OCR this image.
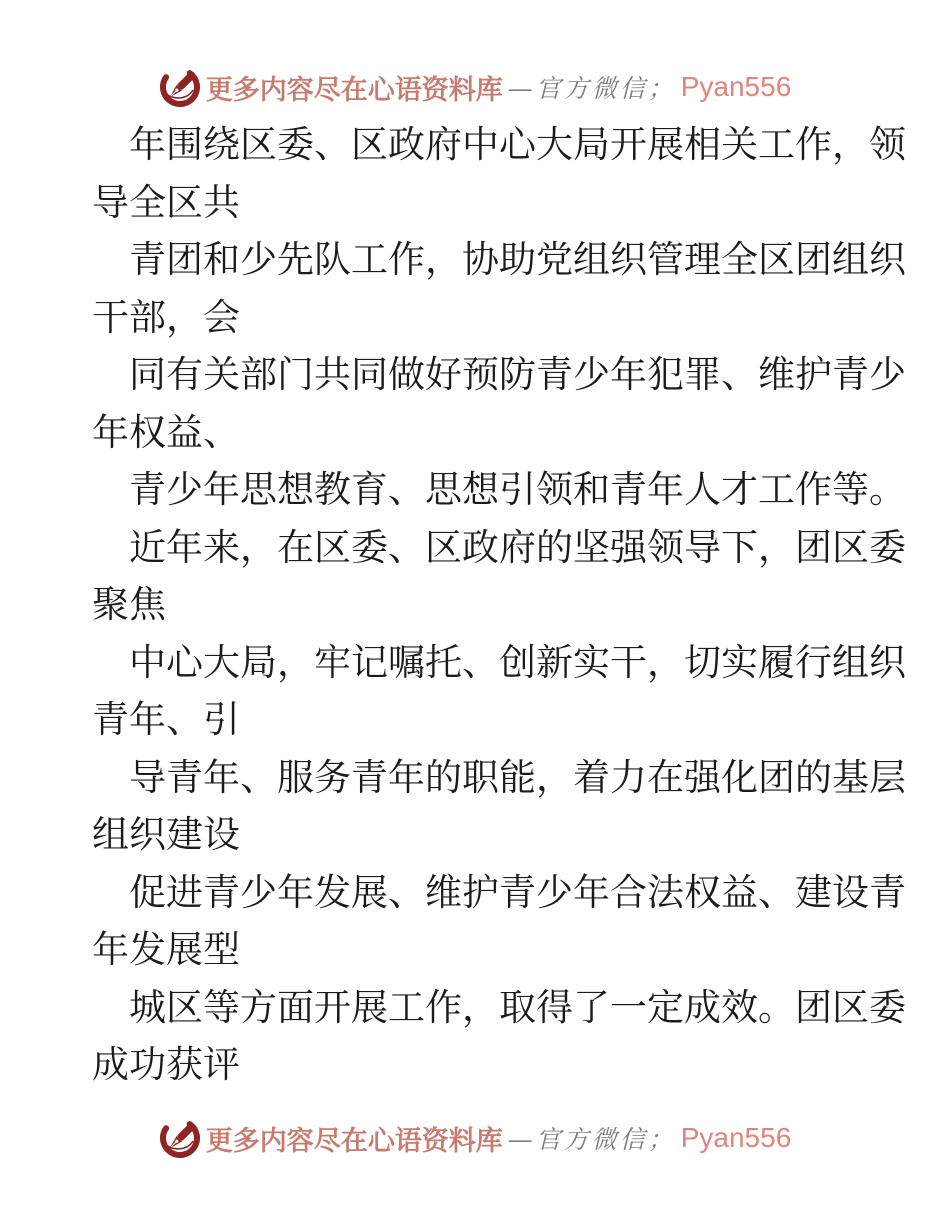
更多内容尽在心语资料库 —官方微信； Pyan556
年围绕区委、区政府中心大局开展相关工作，领
导全区共
青团和少先队工作，协助党组织管理全区团组织
干部，会
同有关部门共同做好预防青少年犯罪、维护青少
年权益、
青少年思想教育、思想引领和青年人才工作等。
近年来，在区委、区政府的坚强领导下，团区委
聚焦
中心大局，牢记嘱托、创新实干，切实履行组织
青年、引
导青年、服务青年的职能，着力在强化团的基层
组织建设
促进青少年发展、维护青少年合法权益、建设青
年发展型
城区等方面开展工作，取得了一定成效。团区委
成功获评
更多内容尽在心语资料库 —官方微信； Pyan556
